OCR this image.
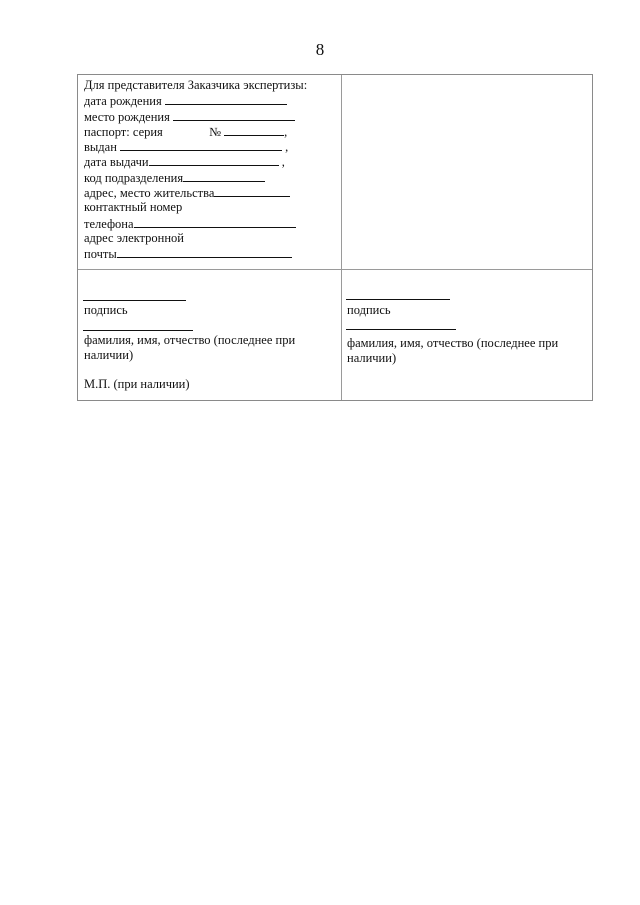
8
Для представителя Заказчика экспертизы:
дата рождения
место рождения
паспорт: серия	№	,
выдан	,
дата выдачи	,
код подразделения
адрес, место жительства
контактный номер
телефона
адрес электронной
почты
подпись
фамилия, имя, отчество (последнее при наличии)
М.П. (при наличии)
подпись
фамилия, имя, отчество (последнее при наличии)
